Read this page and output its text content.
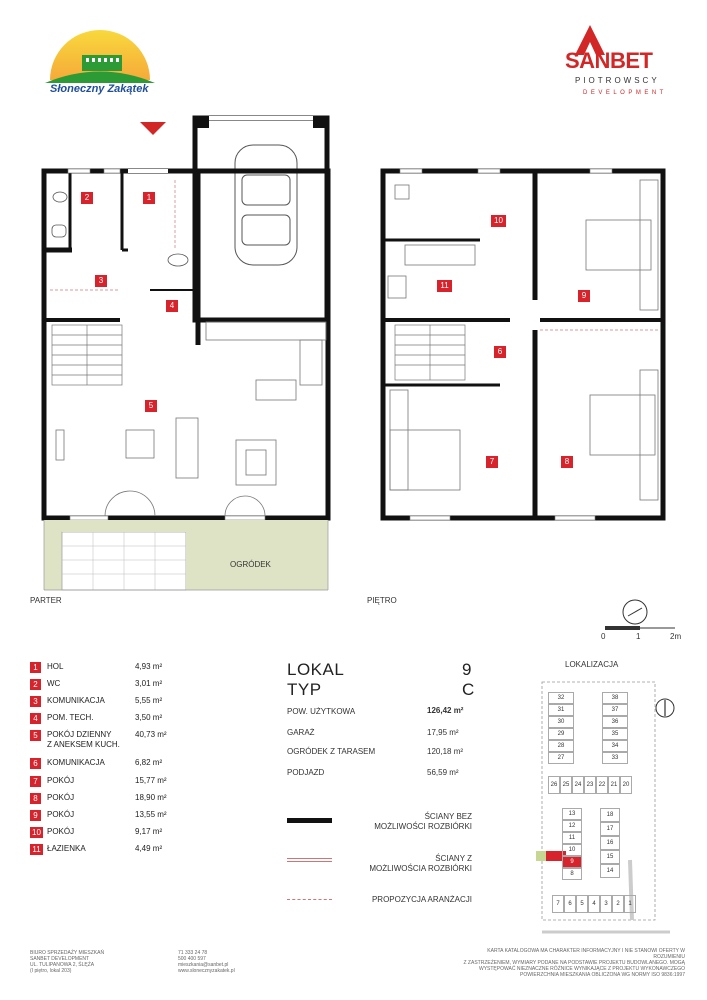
Słoneczny Zakątek
SANBET
PIOTROWSCY
DEVELOPMENT
OGRÓDEK
PARTER	PIĘTRO
1
2
3
4
5
6
7	8
9
10
11
0	1	2m
1	HOL	4,93 m²
2	WC	3,01 m²
3	KOMUNIKACJA	5,55 m²
4	POM. TECH.	3,50 m²
5	POKÓJ DZIENNY
Z ANEKSEM KUCH.
40,73 m²
6	KOMUNIKACJA	6,82 m²
7	POKÓJ	15,77 m²
8	POKÓJ	18,90 m²
9	POKÓJ	13,55 m²
10 POKÓJ	9,17 m²
11 ŁAZIENKA	4,49 m²
LOKAL	9
TYP	C
POW. UŻYTKOWA	126,42 m²
GARAŻ	17,95 m²
OGRÓDEK Z TARASEM	120,18 m²
PODJAZD	56,59 m²
ŚCIANY BEZ
MOŻLIWOŚCI ROZBIÓRKI
ŚCIANY Z
MOŻLIWOŚCIA ROZBIÓRKI
PROPOZYCJA ARANŻACJI
LOKALIZACJA
32
31
30
29
28
27
38
37
36
35
34
33
26 25 24 23 22 21 20
13
12
11
10
9
8
18
17
16
15
14
7	6	5	4	3	2	1
BIURO SPRZEDAŻY MIESZKAŃ
SANBET DEVELOPMENT
UL. TULIPANOWA 2, ŚLĘŻA
(I piętro, lokal 203)
71 333 24 78
500 400 597
mieszkania@sanbet.pl
www.slonecznyzakatek.pl
KARTA KATALOGOWA MA CHARAKTER INFORMACYJNY I NIE STANOWI OFERTY W ROZUMIENIU
Z ZASTRZEŻENIEM, WYMIARY PODANE NA PODSTAWIE PROJEKTU BUDOWLANEGO. MOGĄ
WYSTĘPOWAĆ NIEZNACZNE RÓŻNICE WYNIKAJĄCE Z PROJEKTU WYKONAWCZEGO
POWIERZCHNIA MIESZKANIA OBLICZONA WG NORMY ISO 9836:1997
